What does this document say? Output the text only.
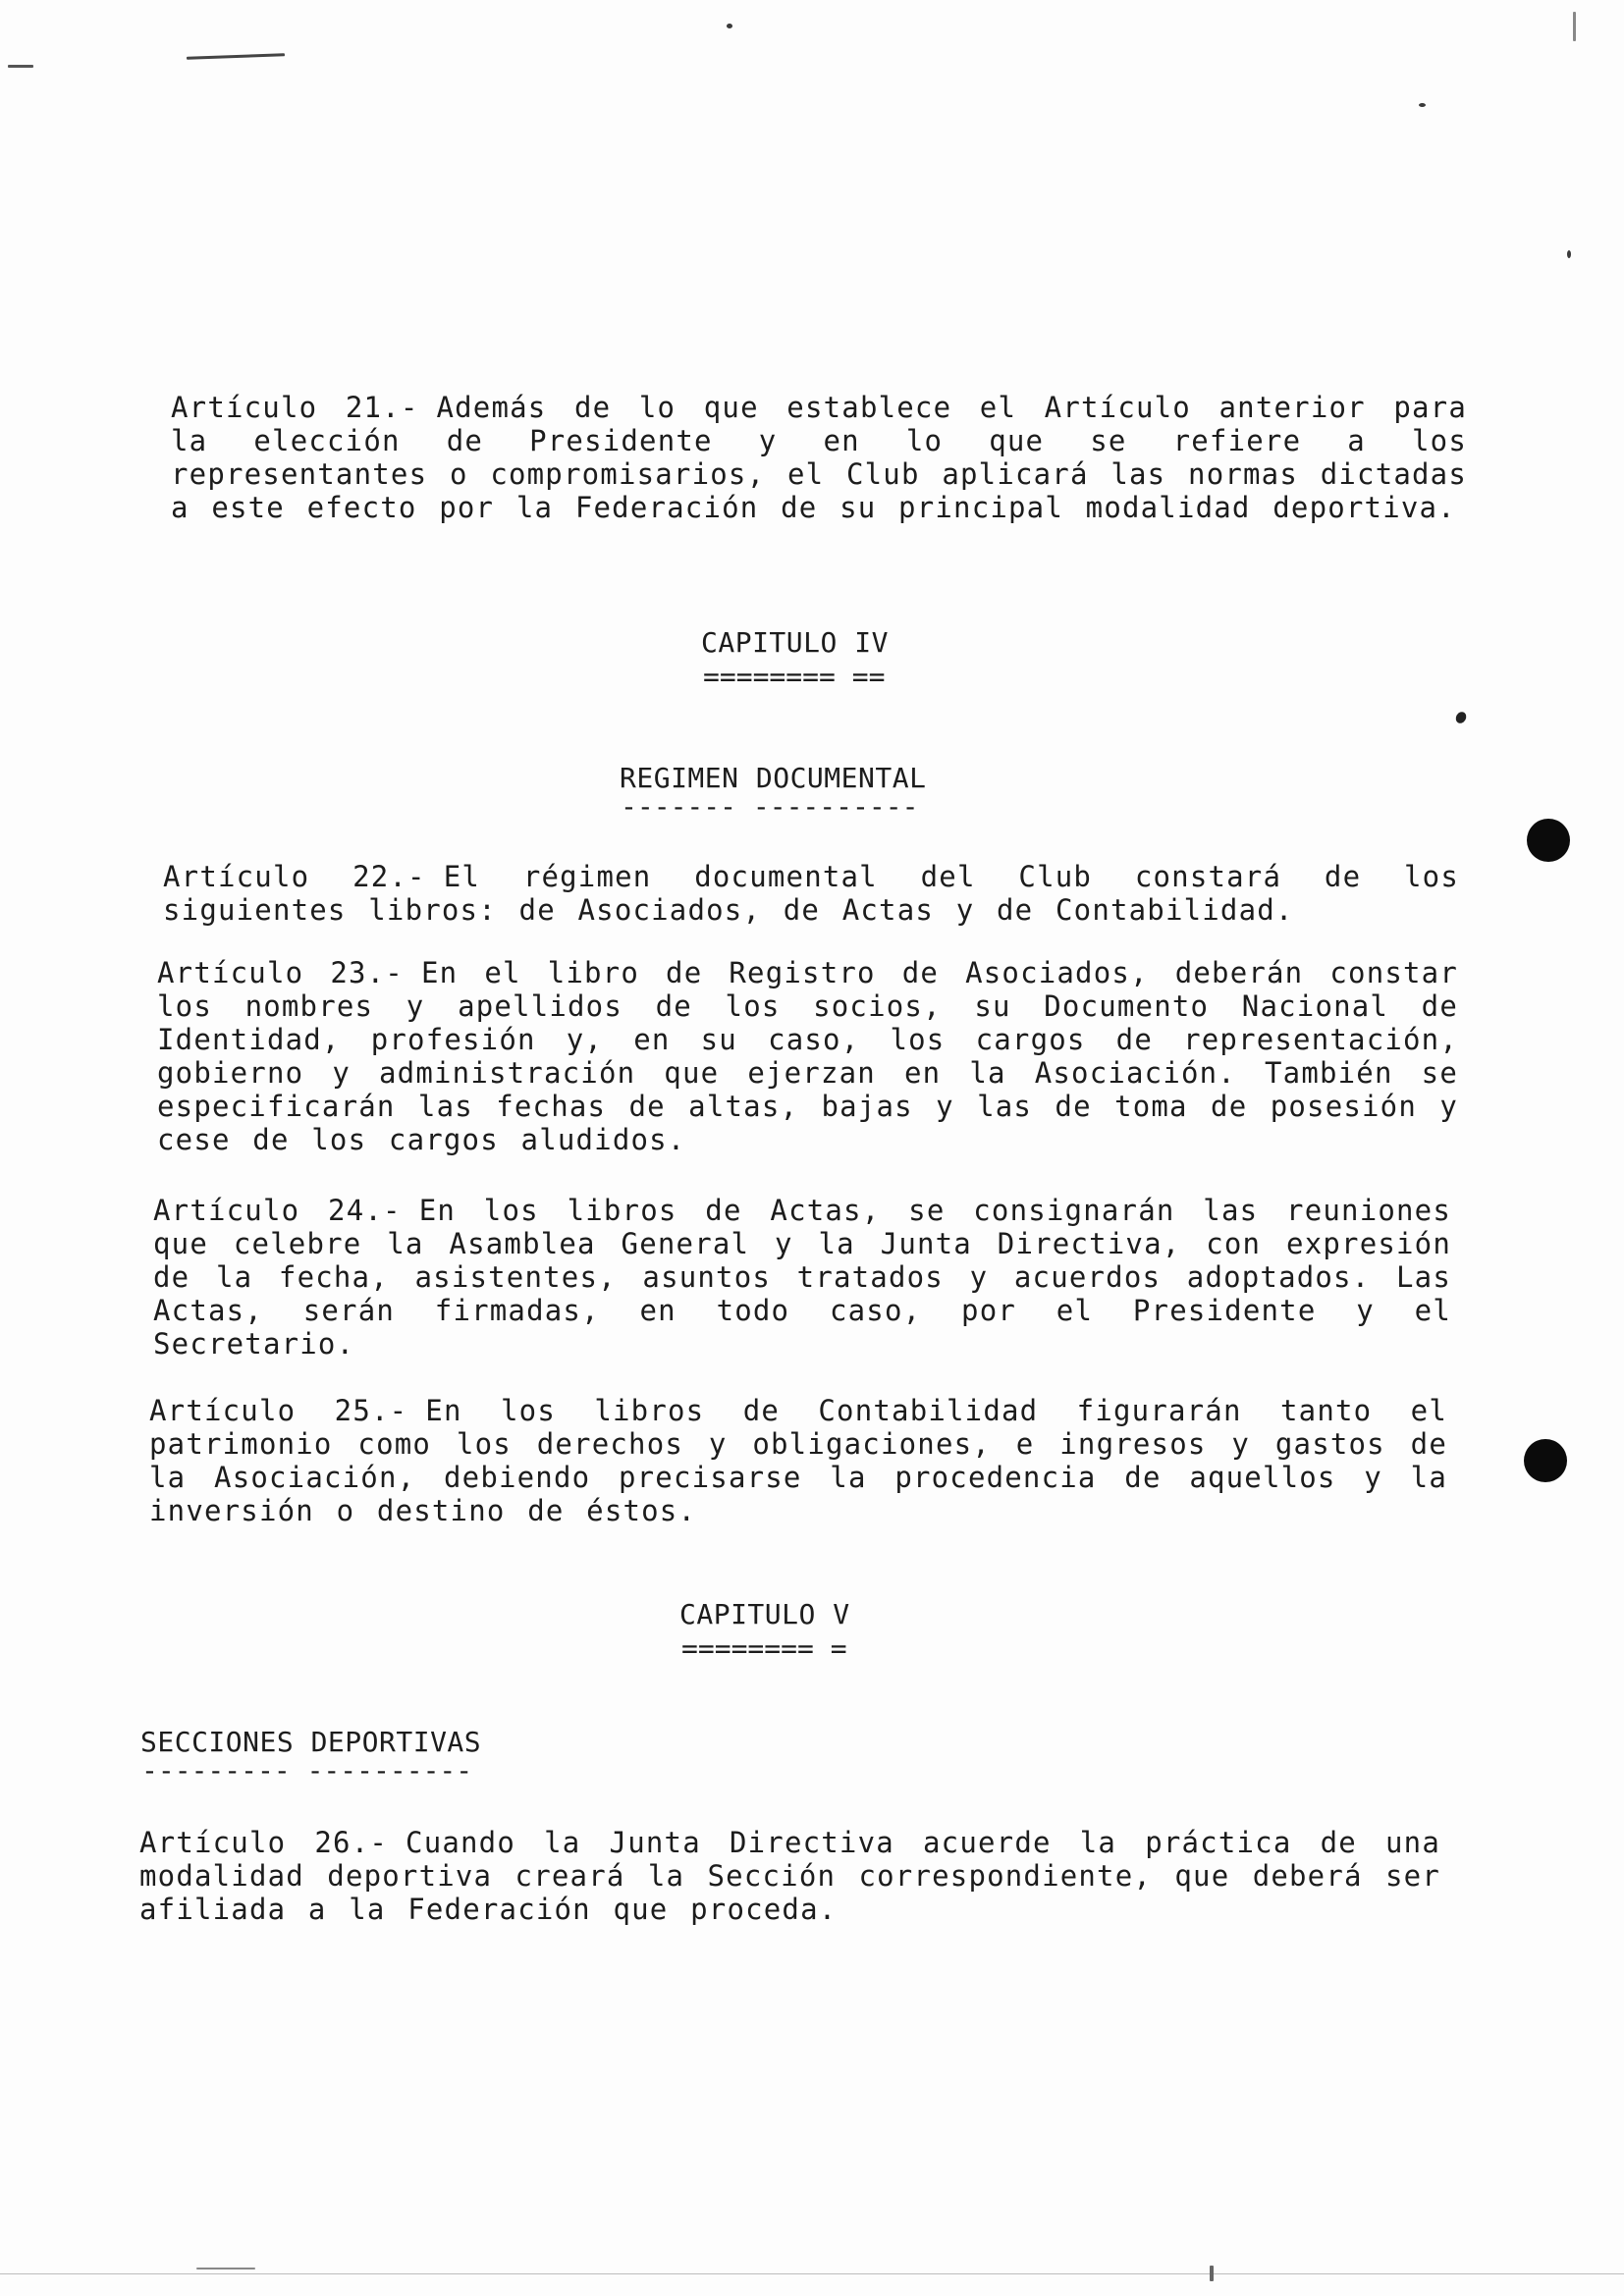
Artículo 21.- Además de lo que establece el Artículo anterior para la elección de Presidente y en lo que se refiere a los representantes o compromisarios, el Club aplicará las normas dictadas a este efecto por la Federación de su principal modalidad deportiva.
CAPITULO IV
======== ==
REGIMEN DOCUMENTAL
------- ----------
Artículo 22.- El régimen documental del Club constará de los siguientes libros: de Asociados, de Actas y de Contabilidad.
Artículo 23.- En el libro de Registro de Asociados, deberán constar los nombres y apellidos de los socios, su Documento Nacional de Identidad, profesión y, en su caso, los cargos de representación, gobierno y administración que ejerzan en la Asociación. También se especificarán las fechas de altas, bajas y las de toma de posesión y cese de los cargos aludidos.
Artículo 24.- En los libros de Actas, se consignarán las reuniones que celebre la Asamblea General y la Junta Directiva, con expresión de la fecha, asistentes, asuntos tratados y acuerdos adoptados. Las Actas, serán firmadas, en todo caso, por el Presidente y el Secretario.
Artículo 25.- En los libros de Contabilidad figurarán tanto el patrimonio como los derechos y obligaciones, e ingresos y gastos de la Asociación, debiendo precisarse la procedencia de aquellos y la inversión o destino de éstos.
CAPITULO V
======== =
SECCIONES DEPORTIVAS
--------- ----------
Artículo 26.- Cuando la Junta Directiva acuerde la práctica de una modalidad deportiva creará la Sección correspondiente, que deberá ser afiliada a la Federación que proceda.
